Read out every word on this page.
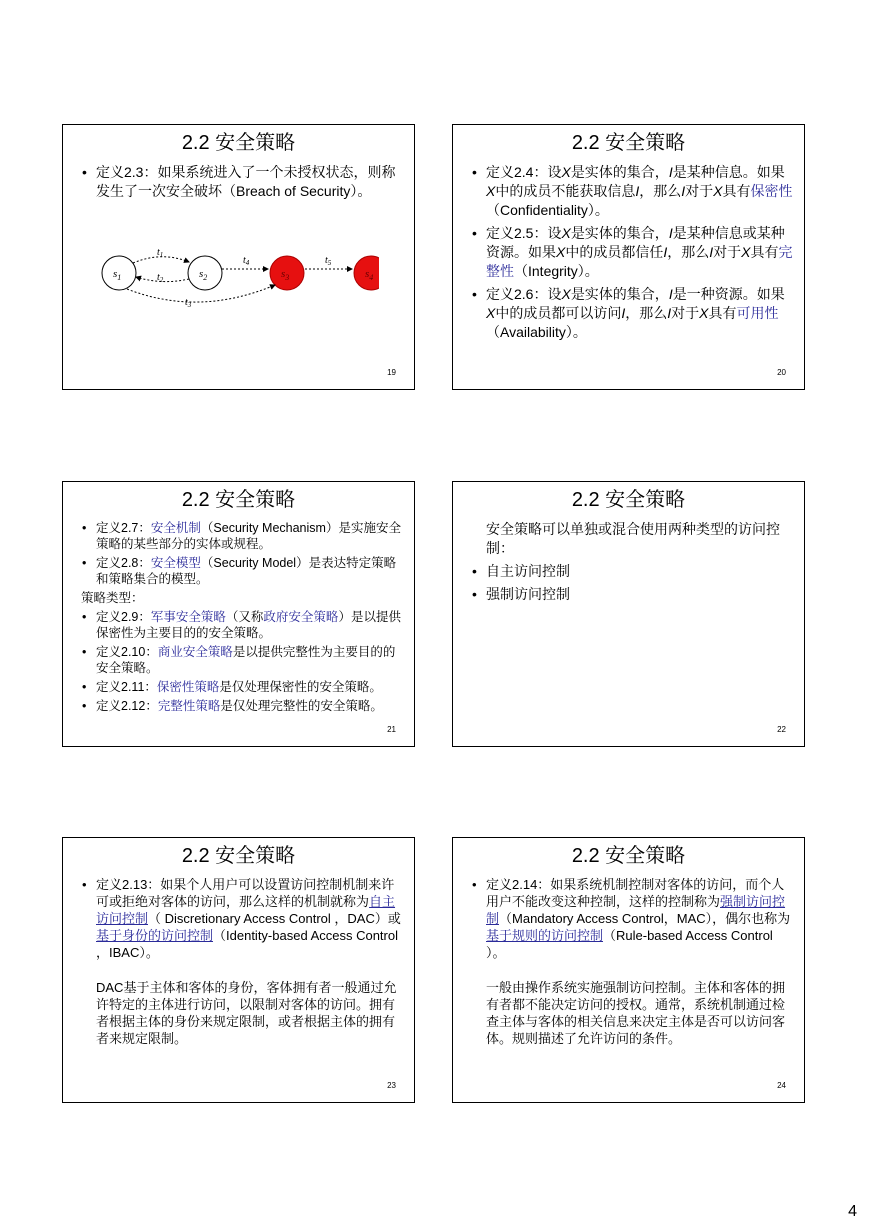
2.2 安全策略
• 定义2.3：如果系统进入了一个未授权状态，则称发生了一次安全破坏（Breach of Security）。
$s_1$	$s_2$	$s_3$	$s_4$
$t_1$
$t_2$
$t_3$
$t_4$	$t_5$
19
2.2 安全策略
• 定义2.4：设X是实体的集合，I是某种信息。如果X中的成员不能获取信息I，那么I对于X具有保密性（Confidentiality）。
• 定义2.5：设X是实体的集合，I是某种信息或某种资源。如果X中的成员都信任I，那么I对于X具有完整性（Integrity）。
• 定义2.6：设X是实体的集合，I是一种资源。如果X中的成员都可以访问I，那么I对于X具有可用性（Availability）。
20
2.2 安全策略
• 定义2.7：安全机制（Security Mechanism）是实施安全策略的某些部分的实体或规程。
• 定义2.8：安全模型（Security Model）是表达特定策略和策略集合的模型。
策略类型：
• 定义2.9：军事安全策略（又称政府安全策略）是以提供保密性为主要目的的安全策略。
• 定义2.10：商业安全策略是以提供完整性为主要目的的安全策略。
• 定义2.11：保密性策略是仅处理保密性的安全策略。
• 定义2.12：完整性策略是仅处理完整性的安全策略。
21
2.2 安全策略
安全策略可以单独或混合使用两种类型的访问控制：
• 自主访问控制
• 强制访问控制
22
2.2 安全策略
• 定义2.13：如果个人用户可以设置访问控制机制来许可或拒绝对客体的访问，那么这样的机制就称为自主访问控制（ Discretionary Access Control ，DAC）或基于身份的访问控制（Identity-based Access Control ，IBAC）。
DAC基于主体和客体的身份，客体拥有者一般通过允许特定的主体进行访问，以限制对客体的访问。拥有者根据主体的身份来规定限制，或者根据主体的拥有者来规定限制。
23
2.2 安全策略
• 定义2.14：如果系统机制控制对客体的访问，而个人用户不能改变这种控制，这样的控制称为强制访问控制（Mandatory Access Control，MAC），偶尔也称为基于规则的访问控制（Rule-based Access Control ）。
一般由操作系统实施强制访问控制。主体和客体的拥有者都不能决定访问的授权。通常，系统机制通过检查主体与客体的相关信息来决定主体是否可以访问客体。规则描述了允许访问的条件。
24
4
